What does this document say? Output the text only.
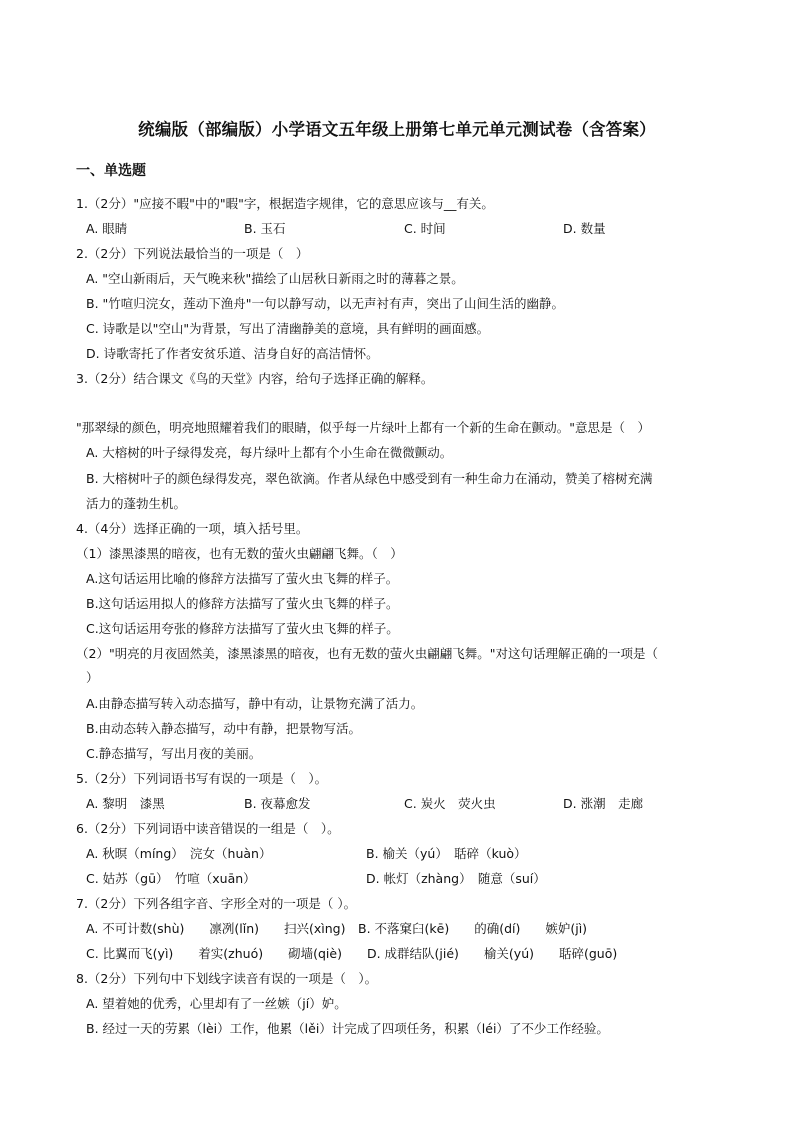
统编版（部编版）小学语文五年级上册第七单元单元测试卷（含答案）
一、单选题
1.（2分）"应接不暇"中的"暇"字，根据造字规律，它的意思应该与__有关。
A. 眼睛	B. 玉石	C. 时间	D. 数量
2.（2分）下列说法最恰当的一项是（　）
A. "空山新雨后，天气晚来秋"描绘了山居秋日新雨之时的薄暮之景。
B. "竹喧归浣女，莲动下渔舟"一句以静写动，以无声衬有声，突出了山间生活的幽静。
C. 诗歌是以"空山"为背景，写出了清幽静美的意境，具有鲜明的画面感。
D. 诗歌寄托了作者安贫乐道、洁身自好的高洁情怀。
3.（2分）结合课文《鸟的天堂》内容，给句子选择正确的解释。
"那翠绿的颜色，明亮地照耀着我们的眼睛，似乎每一片绿叶上都有一个新的生命在颤动。"意思是（　）
A. 大榕树的叶子绿得发亮，每片绿叶上都有个小生命在微微颤动。
B. 大榕树叶子的颜色绿得发亮，翠色欲滴。作者从绿色中感受到有一种生命力在涌动，赞美了榕树充满
活力的蓬勃生机。
4.（4分）选择正确的一项，填入括号里。
（1）漆黑漆黑的暗夜，也有无数的萤火虫翩翩飞舞。（　）
A.这句话运用比喻的修辞方法描写了萤火虫飞舞的样子。
B.这句话运用拟人的修辞方法描写了萤火虫飞舞的样子。
C.这句话运用夸张的修辞方法描写了萤火虫飞舞的样子。
（2）"明亮的月夜固然美，漆黑漆黑的暗夜，也有无数的萤火虫翩翩飞舞。"对这句话理解正确的一项是（
）
A.由静态描写转入动态描写，静中有动，让景物充满了活力。
B.由动态转入静态描写，动中有静，把景物写活。
C.静态描写，写出月夜的美丽。
5.（2分）下列词语书写有误的一项是（　）。
A. 黎明　漆黑	B. 夜幕愈发	C. 炭火　荧火虫	D. 涨潮　走廊
6.（2分）下列词语中读音错误的一组是（　）。
A. 秋暝（míng）　浣女（huàn）	B. 榆关（yú）　聒碎（kuò）
C. 姑苏（gū）　竹喧（xuān）	D. 帐灯（zhàng）　随意（suí）
7.（2分）下列各组字音、字形全对的一项是（ ）。
A. 不可计数(shù)　　凛冽(lǐn)　　扫兴(xìng)　B. 不落窠臼(kē)　　的确(dí)　　嫉妒(jì)
C. 比翼而飞(yì)　　着实(zhuó)　　砌墙(qiè)　　D. 成群结队(jié)　　榆关(yú)　　聒碎(guō)
8.（2分）下列句中下划线字读音有误的一项是（　）。
A. 望着她的优秀，心里却有了一丝嫉（jí）妒。
B. 经过一天的劳累（lèi）工作，他累（lěi）计完成了四项任务，积累（léi）了不少工作经验。
